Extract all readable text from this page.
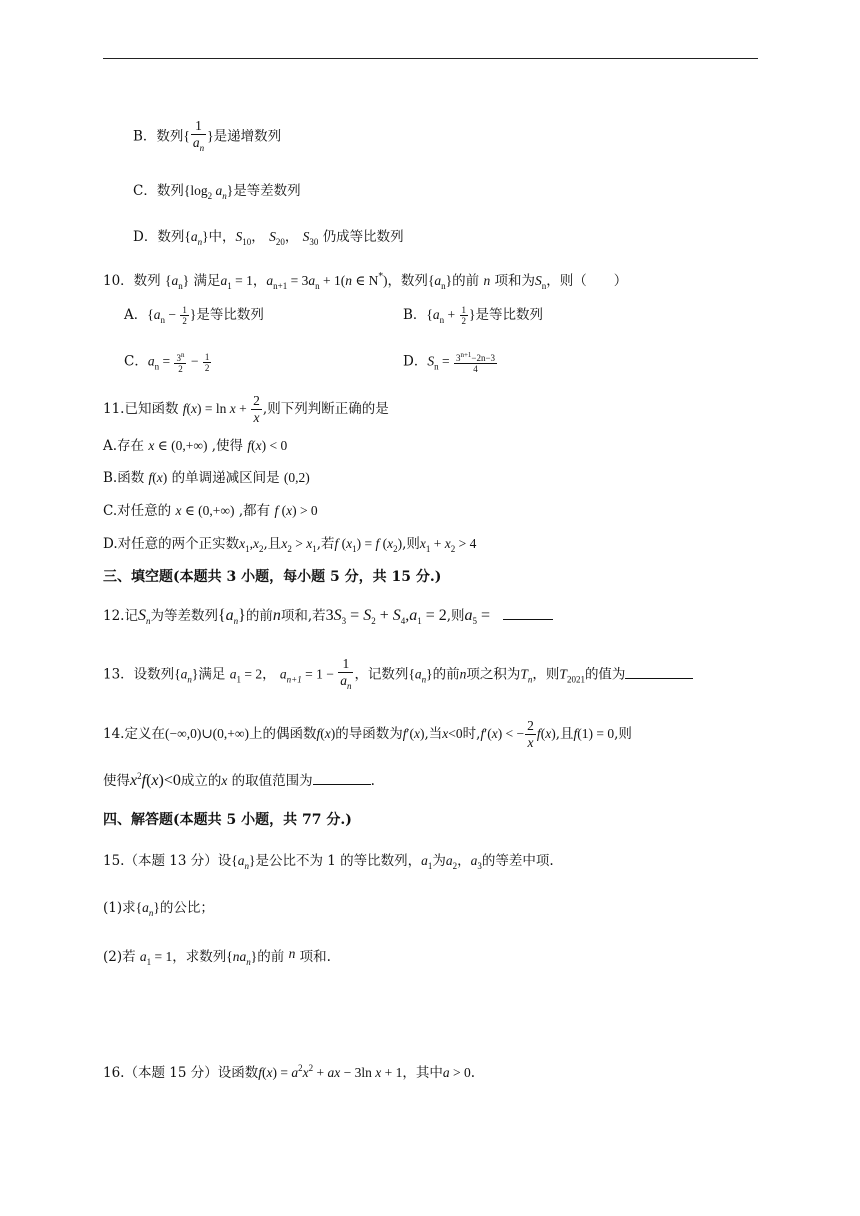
B．数列{ $\frac{1}{a_n}$ }是递增数列
C．数列{$\log_2$ $a_n$}是等差数列
D．数列$\{a_n\}$中，$S_{10}$， $S_{20}$， $S_{30}$ 仍成等比数列
10．数列 $\{a_n\}$ 满足$a_1 = 1$，$a_{n+1} = 3a_n + 1(n$ ∈ N*)，数列$\{a_n\}$的前 n 项和为$S_n$，则（　　）
A．{$a_n - \frac{1}{2}$ }是等比数列	B．{$a_n + \frac{1}{2}$ }是等比数列
C．$a_n = \frac{3^n}{2} - \frac{1}{2}$	D．$S_n = \frac{3^{n+1}-2n-3}{4}$
11.已知函数 $f(x) = \ln x + \frac{2}{x}$ ,则下列判断正确的是
A.存在 x ∈ (0,+∞) ,使得 f(x) < 0
B.函数 f(x) 的单调递减区间是 (0,2)
C.对任意的 x ∈ (0,+∞) ,都有 f (x) > 0
D.对任意的两个正实数$x_1,x_2$,且$x_2 > x_1$,若f $(x_1) = f$ $(x_2)$,则$x_1 + x_2 > 4$
三、填空题(本题共 3 小题，每小题 5 分，共 15 分.)
12.记$S_n$为等差数列$\{a_n\}$的前n项和,若$3S_3 = S_2 + S_4,a_1 = 2$,则$a_5$ =
13．设数列$\{a_n\}$满足 $a_1 = 2$， $a_{n+1} = 1 - \frac{1}{a_n}$ ，记数列$\{a_n\}$的前n项之积为$T_n$，则$T_{2021}$的值为
14.定义在(−∞,0)∪(0,+∞)上的偶函数f(x)的导函数为f′(x),当x<0时,f′(x) < − $\frac{2}{x} f(x)$,且f(1) = 0,则
使得$x^2f(x)<0$成立的x 的取值范围为	.
四、解答题(本题共 5 小题，共 77 分.)
15.（本题 13 分）设$\{a_n\}$是公比不为 1 的等比数列，$a_1$为$a_2$，$a_3$的等差中项.
(1)求$\{a_n\}$的公比；
(2)若 $a_1 = 1$，求数列$\{na_n\}$的前 n 项和.
16.（本题 15 分）设函数$f(x) = a^2x^2$ + ax − 3ln x + 1，其中a > 0.
